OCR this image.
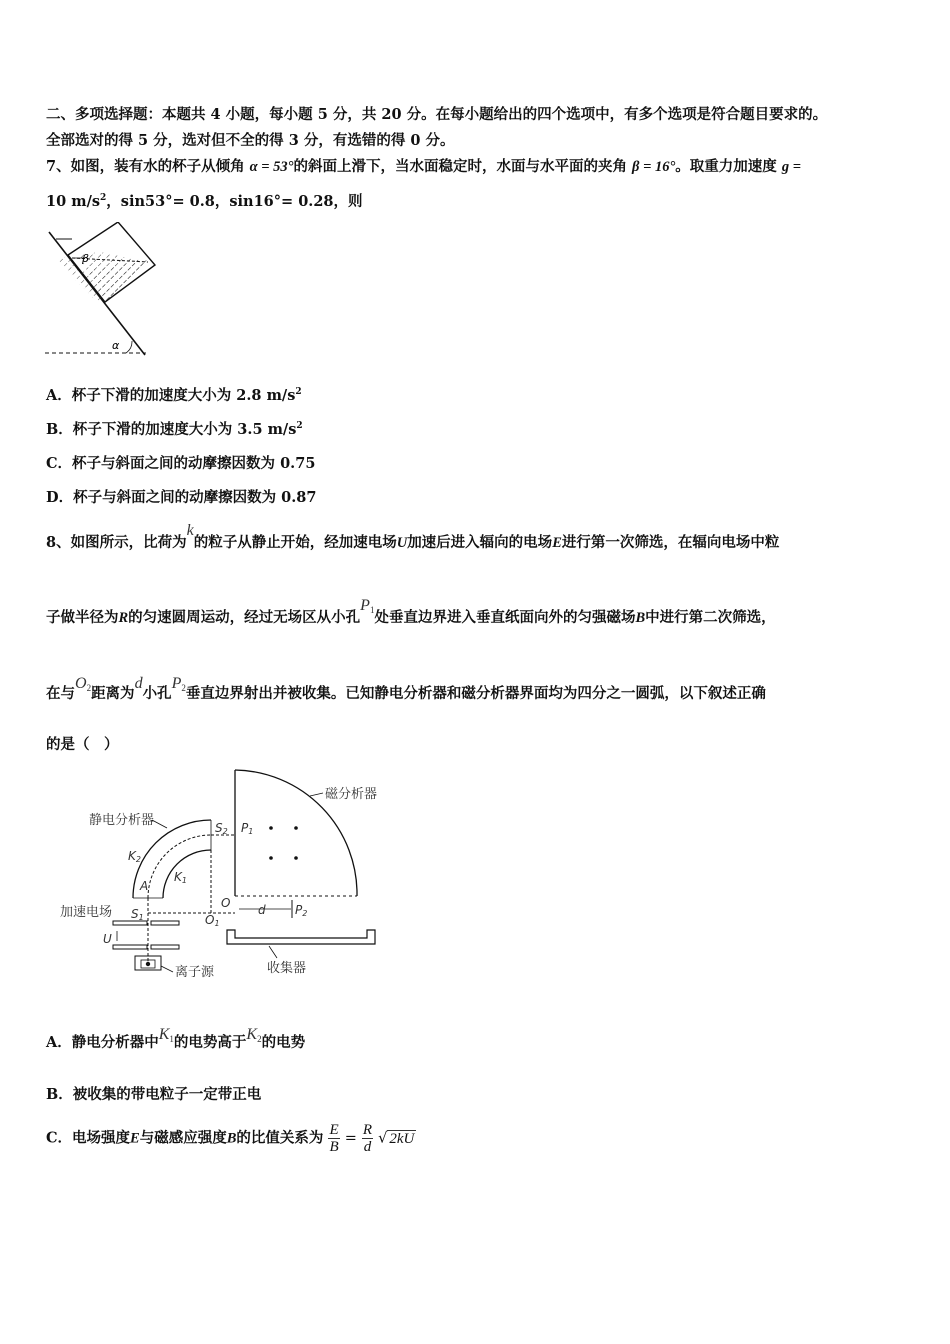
二、多项选择题：本题共 4 小题，每小题 5 分，共 20 分。在每小题给出的四个选项中，有多个选项是符合题目要求的。
全部选对的得 5 分，选对但不全的得 3 分，有选错的得 0 分。
7、如图，装有水的杯子从倾角 α = 53°的斜面上滑下，当水面稳定时，水面与水平面的夹角 β = 16°。取重力加速度 g =
10 $m/s^2$，sin53°= 0.8，sin16°= 0.28，则
β
α
A．杯子下滑的加速度大小为 2.8 $m/s^2$
B．杯子下滑的加速度大小为 3.5 $m/s^2$
C．杯子与斜面之间的动摩擦因数为 0.75
D．杯子与斜面之间的动摩擦因数为 0.87
8、如图所示，比荷为k的粒子从静止开始，经加速电场U加速后进入辐向的电场E进行第一次筛选，在辐向电场中粒
子做半径为R的匀速圆周运动，经过无场区从小孔$P_1$处垂直边界进入垂直纸面向外的匀强磁场B中进行第二次筛选，
在与$O_2$距离为d小孔$P_2$垂直边界射出并被收集。已知静电分析器和磁分析器界面均为四分之一圆弧，以下叙述正确
的是（　）
磁分析器
P1
静电分析器	S2
K2
K1
A
O
O1
d P2
加速电场 S1
U
离子源	收集器
A．静电分析器中$K_1$的电势高于$K_2$的电势
B．被收集的带电粒子一定带正电
C．电场强度E与磁感应强度B的比值关系为 $\frac{E}{B} = \frac{R}{d}$ √ 2kU
